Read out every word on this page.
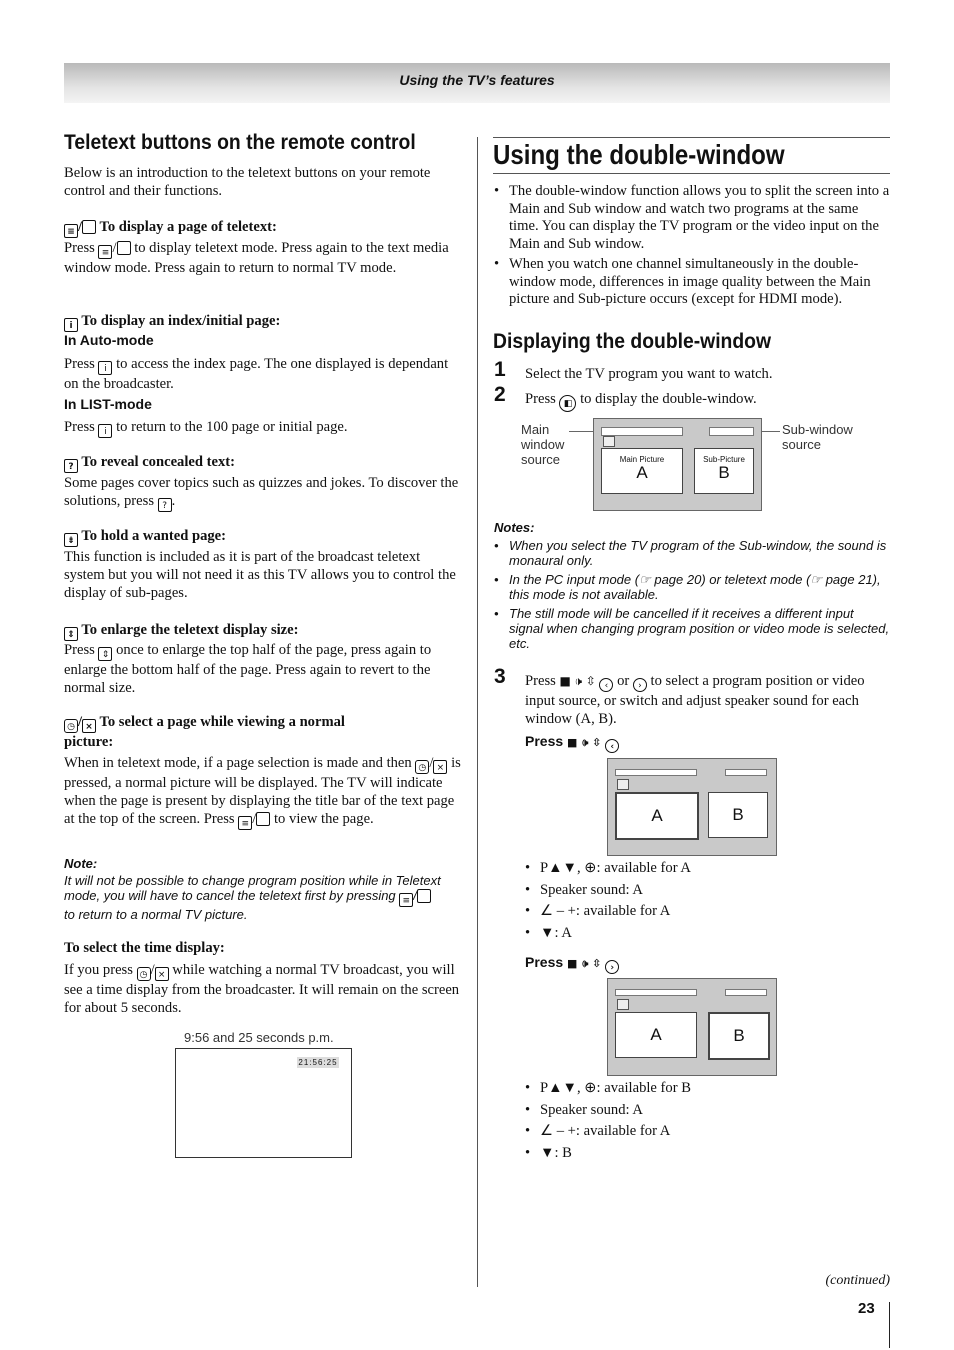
Using the TV’s features
Teletext buttons on the remote control
Below is an introduction to the teletext buttons on your remote control and their functions.
≡ / To display a page of teletext:
Press ≡ / to display teletext mode. Press again to the text media window mode. Press again to return to normal TV mode.
i To display an index/initial page:
In Auto-mode
Press i to access the index page. The one displayed is dependant on the broadcaster.
In LIST-mode
Press i to return to the 100 page or initial page.
? To reveal concealed text:
Some pages cover topics such as quizzes and jokes. To discover the solutions, press ? .
⇟ To hold a wanted page:
This function is included as it is part of the broadcast teletext system but you will not need it as this TV allows you to control the display of sub-pages.
⇕ To enlarge the teletext display size:
Press ⇕ once to enlarge the top half of the page, press again to enlarge the bottom half of the page. Press again to revert to the normal size.
◷ / × To select a page while viewing a normal
picture:
When in teletext mode, if a page selection is made and then ◷ / × is pressed, a normal picture will be displayed. The TV will indicate when the page is present by displaying the title bar of the text page at the top of the screen. Press ≡ / to view the page.
Note:
It will not be possible to change program position while in Teletext mode, you will have to cancel the teletext first by pressing ≡ / to return to a normal TV picture.
To select the time display:
If you press ◷ / × while watching a normal TV broadcast, you will see a time display from the broadcaster. It will remain on the screen for about 5 seconds.
9:56 and 25 seconds p.m.
21:56:25
Using the double-window
• The double-window function allows you to split the screen into a Main and Sub window and watch two programs at the same time. You can display the TV program or the video input on the Main and Sub window.
• When you watch one channel simultaneously in the double-window mode, differences in image quality between the Main picture and Sub-picture occurs (except for HDMI mode).
Displaying the double-window
1 Select the TV program you want to watch.
2 Press ◧ to display the double-window.
Main window source
Sub-window source
Main Picture
A
Sub-Picture
B
Notes:
• When you select the TV program of the Sub-window, the sound is monaural only.
• In the PC input mode (☞ page 20) or teletext mode (☞ page 21), this mode is not available.
• The still mode will be cancelled if it receives a different input signal when changing program position or video mode is selected, etc.
3 Press ■ 🕩 ⇳ ‹ or › to select a program position or video input source, or switch and adjust speaker sound for each window (A, B).
Press ■ 🕩 ⇳ ‹
A	B
• P▲▼, ⊕: available for A
• Speaker sound: A
• ∠ – +: available for A
• ▼: A
Press ■ 🕩 ⇳ ›
A	B
• P▲▼, ⊕: available for B
• Speaker sound: A
• ∠ – +: available for A
• ▼: B
(continued)
23
